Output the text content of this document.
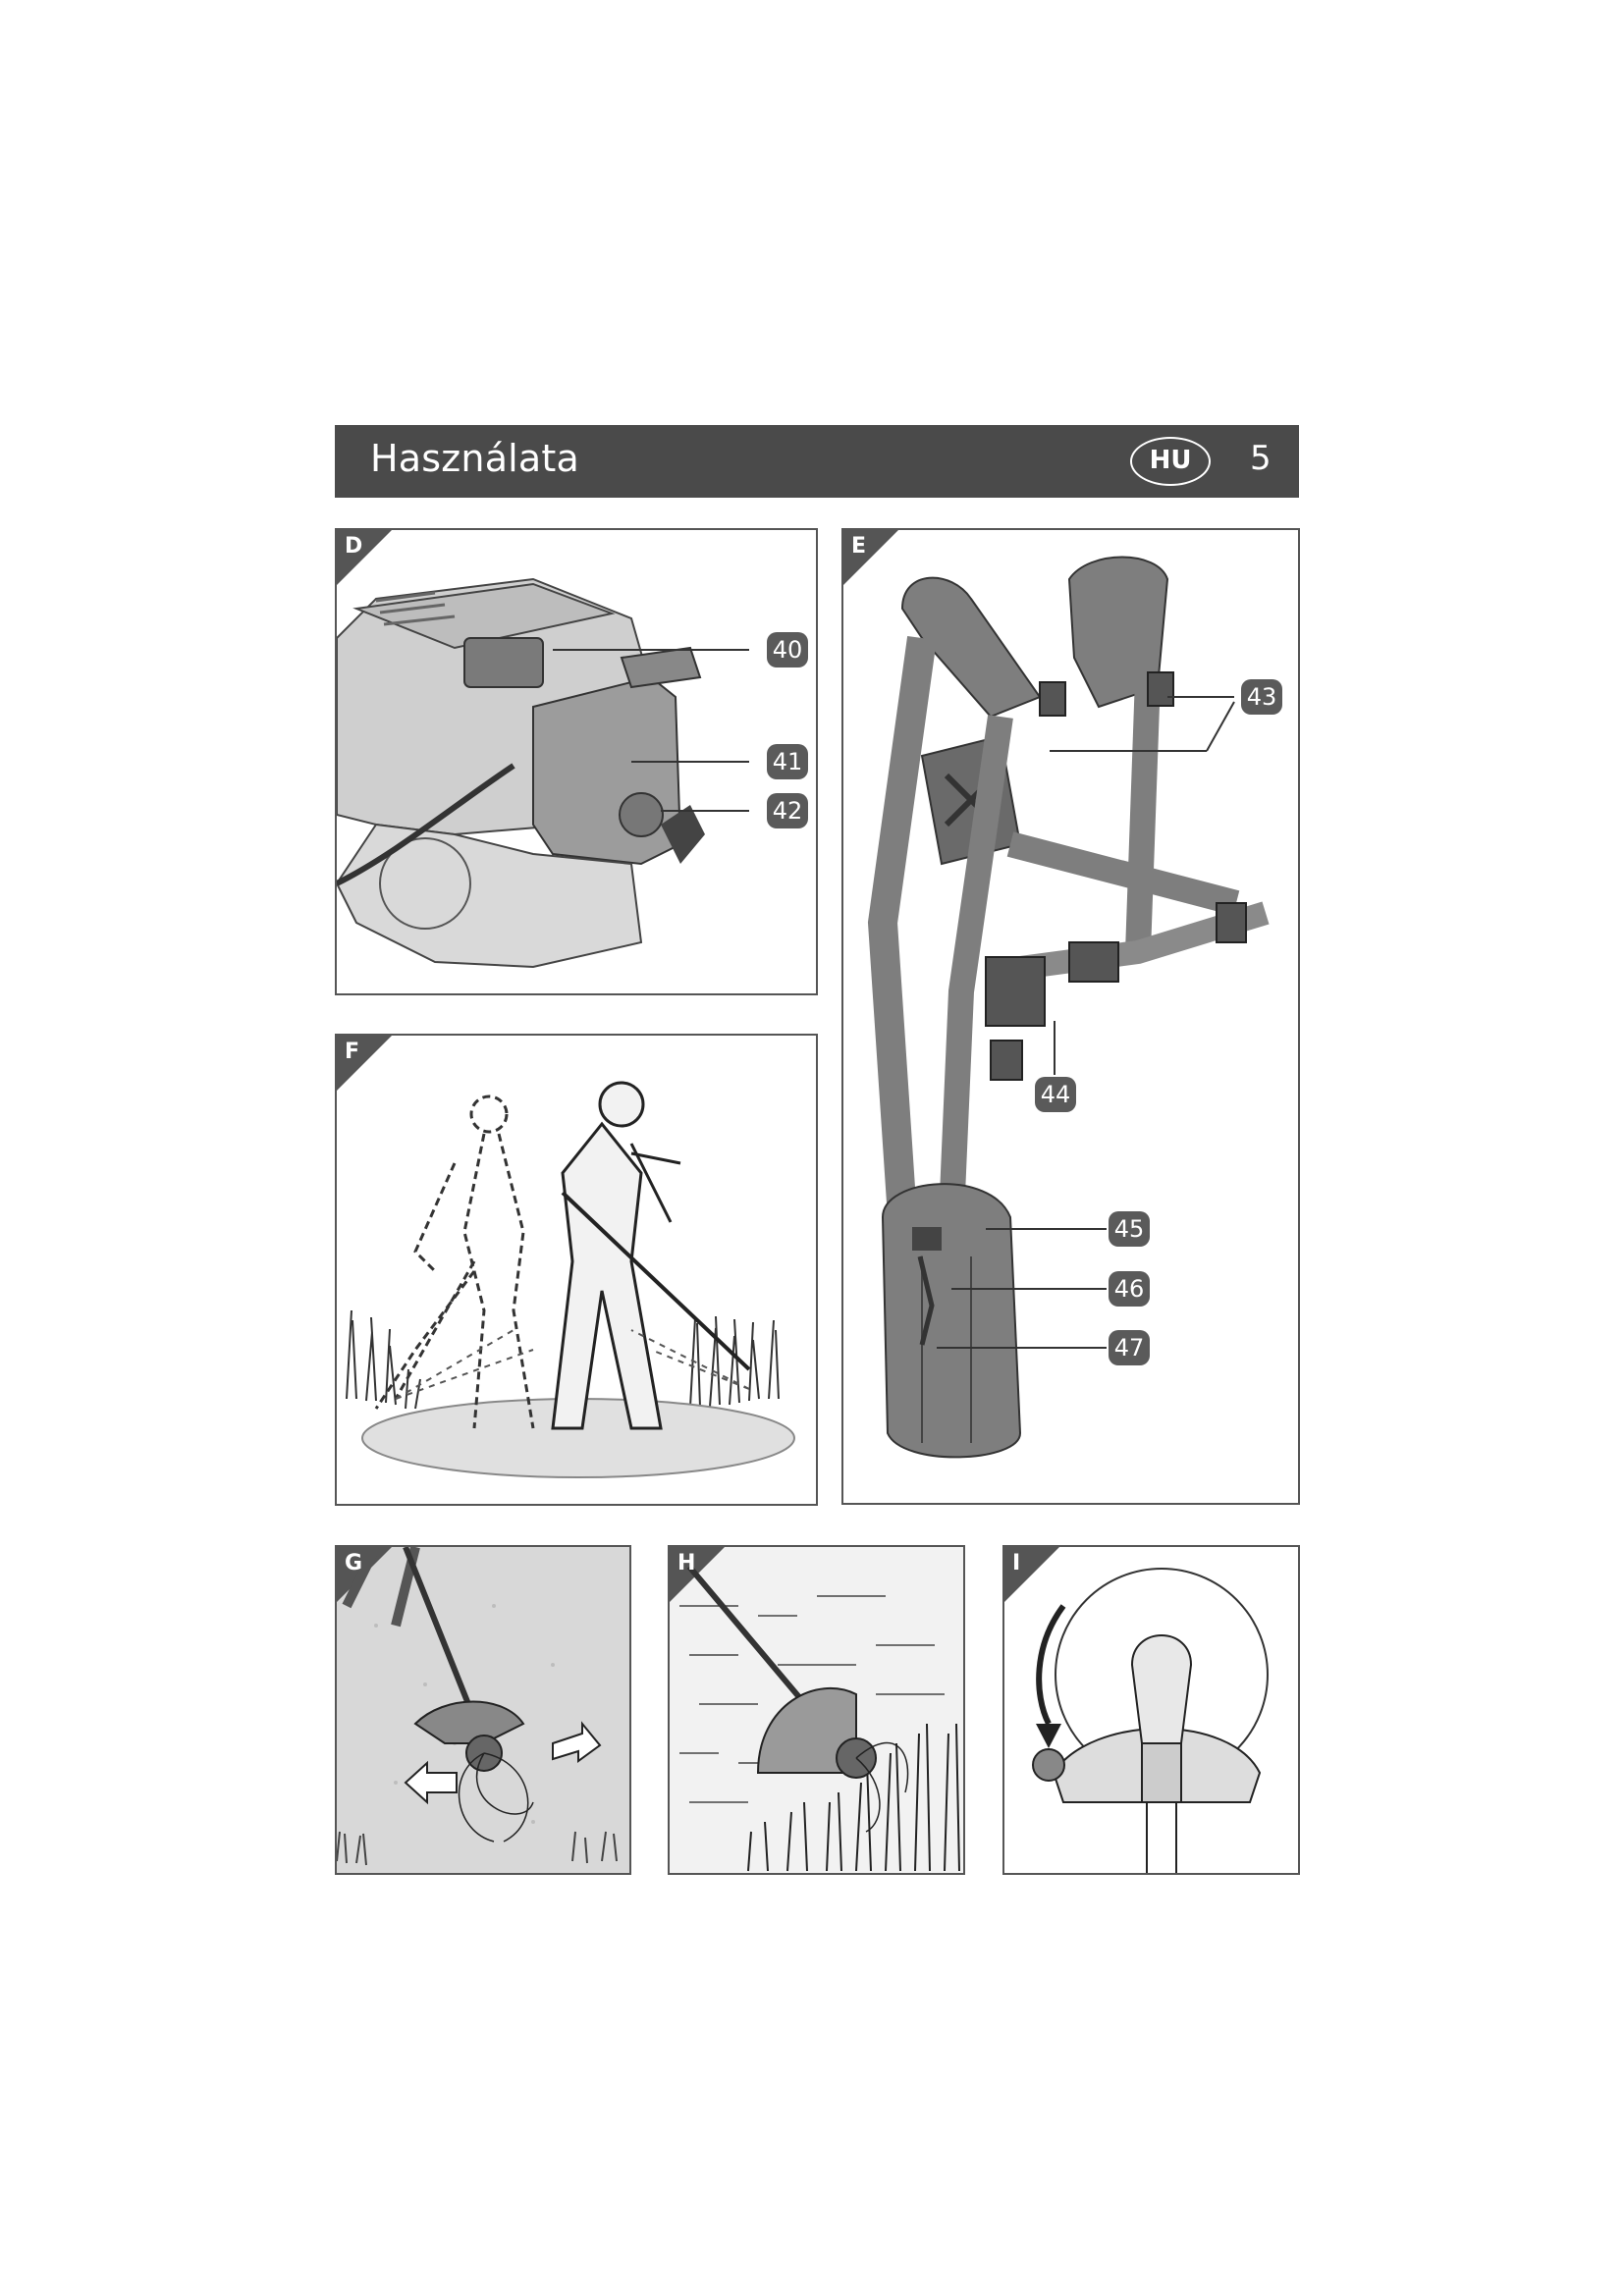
Használata	HU	5
D
40
41
42
E
43
44
45
46
47
F
G	H	I
